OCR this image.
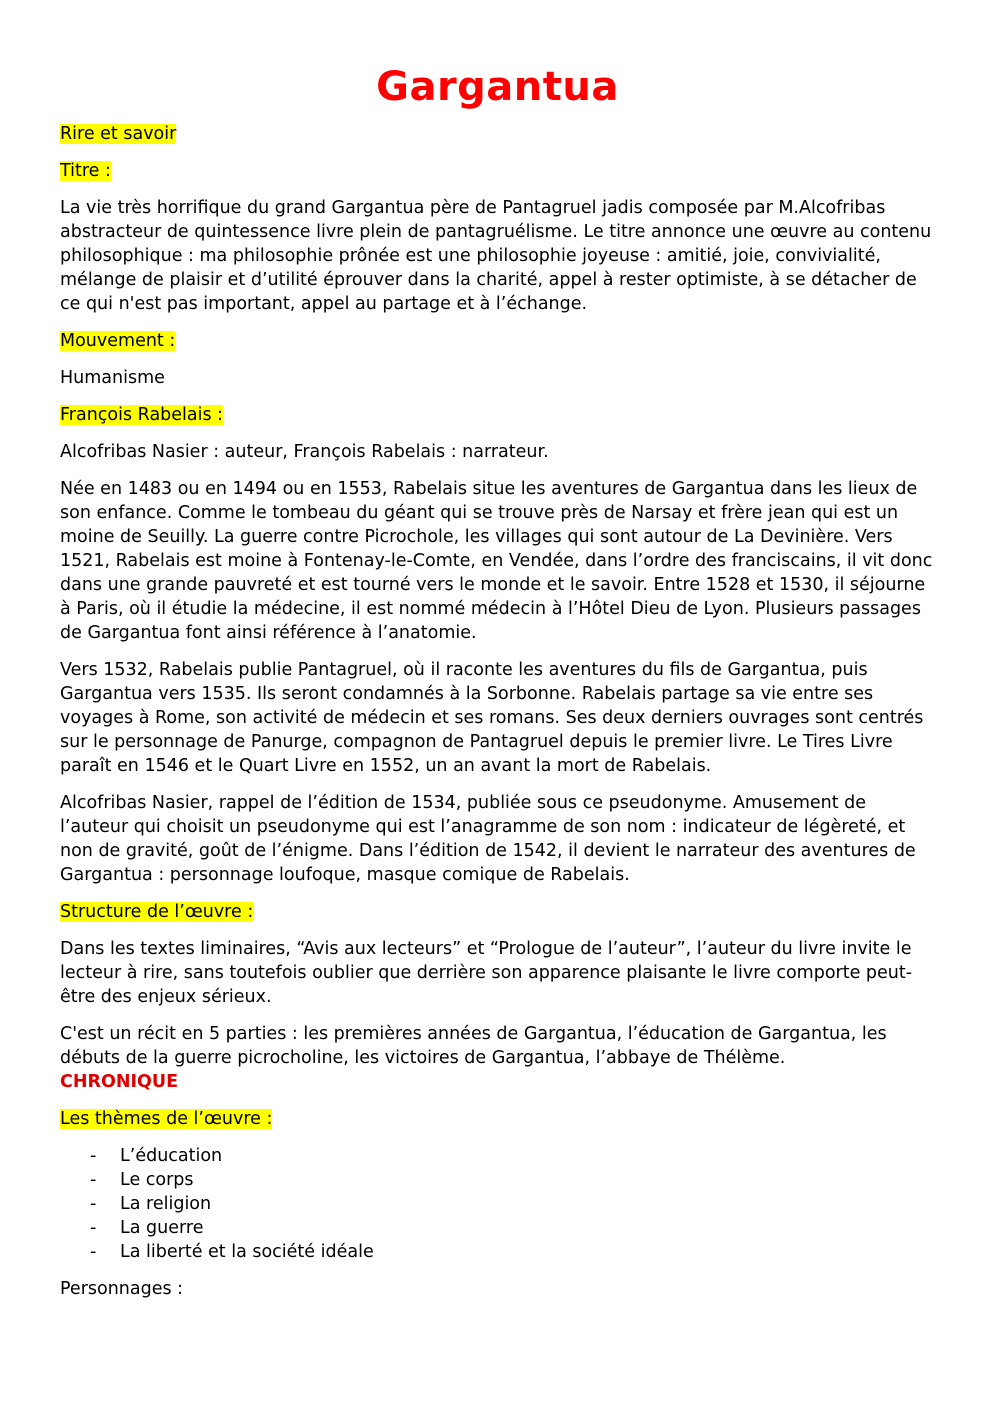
Gargantua
Rire et savoir
Titre :

La vie très horrifique du grand Gargantua père de Pantagruel jadis composée par M.Alcofribas abstracteur de quintessence livre plein de pantagruélisme. Le titre annonce une œuvre au contenu philosophique : ma philosophie prônée est une philosophie joyeuse : amitié, joie, convivialité, mélange de plaisir et d’utilité éprouver dans la charité, appel à rester optimiste, à se détacher de ce qui n'est pas important, appel au partage et à l’échange.

Mouvement :

Humanisme

François Rabelais :

Alcofribas Nasier : auteur, François Rabelais : narrateur.

Née en 1483 ou en 1494 ou en 1553, Rabelais situe les aventures de Gargantua dans les lieux de son enfance. Comme le tombeau du géant qui se trouve près de Narsay et frère jean qui est un moine de Seuilly. La guerre contre Picrochole, les villages qui sont autour de La Devinière. Vers 1521, Rabelais est moine à Fontenay-le-Comte, en Vendée, dans l’ordre des franciscains, il vit donc dans une grande pauvreté et est tourné vers le monde et le savoir. Entre 1528 et 1530, il séjourne à Paris, où il étudie la médecine, il est nommé médecin à l’Hôtel Dieu de Lyon. Plusieurs passages de Gargantua font ainsi référence à l’anatomie.

Vers 1532, Rabelais publie Pantagruel, où il raconte les aventures du fils de Gargantua, puis Gargantua vers 1535. Ils seront condamnés à la Sorbonne. Rabelais partage sa vie entre ses voyages à Rome, son activité de médecin et ses romans. Ses deux derniers ouvrages sont centrés sur le personnage de Panurge, compagnon de Pantagruel depuis le premier livre. Le Tires Livre paraît en 1546 et le Quart Livre en 1552, un an avant la mort de Rabelais.

Alcofribas Nasier, rappel de l’édition de 1534, publiée sous ce pseudonyme. Amusement de l’auteur qui choisit un pseudonyme qui est l’anagramme de son nom : indicateur de légèreté, et non de gravité, goût de l’énigme. Dans l’édition de 1542, il devient le narrateur des aventures de Gargantua : personnage loufoque, masque comique de Rabelais.

Structure de l’œuvre :

Dans les textes liminaires, “Avis aux lecteurs” et “Prologue de l’auteur”, l’auteur du livre invite le lecteur à rire, sans toutefois oublier que derrière son apparence plaisante le livre comporte peut-être des enjeux sérieux.

C'est un récit en 5 parties : les premières années de Gargantua, l’éducation de Gargantua, les débuts de la guerre picrocholine, les victoires de Gargantua, l’abbaye de Thélème.
CHRONIQUE

Les thèmes de l’œuvre :
- L’éducation
- Le corps
- La religion
- La guerre
- La liberté et la société idéale

Personnages :
